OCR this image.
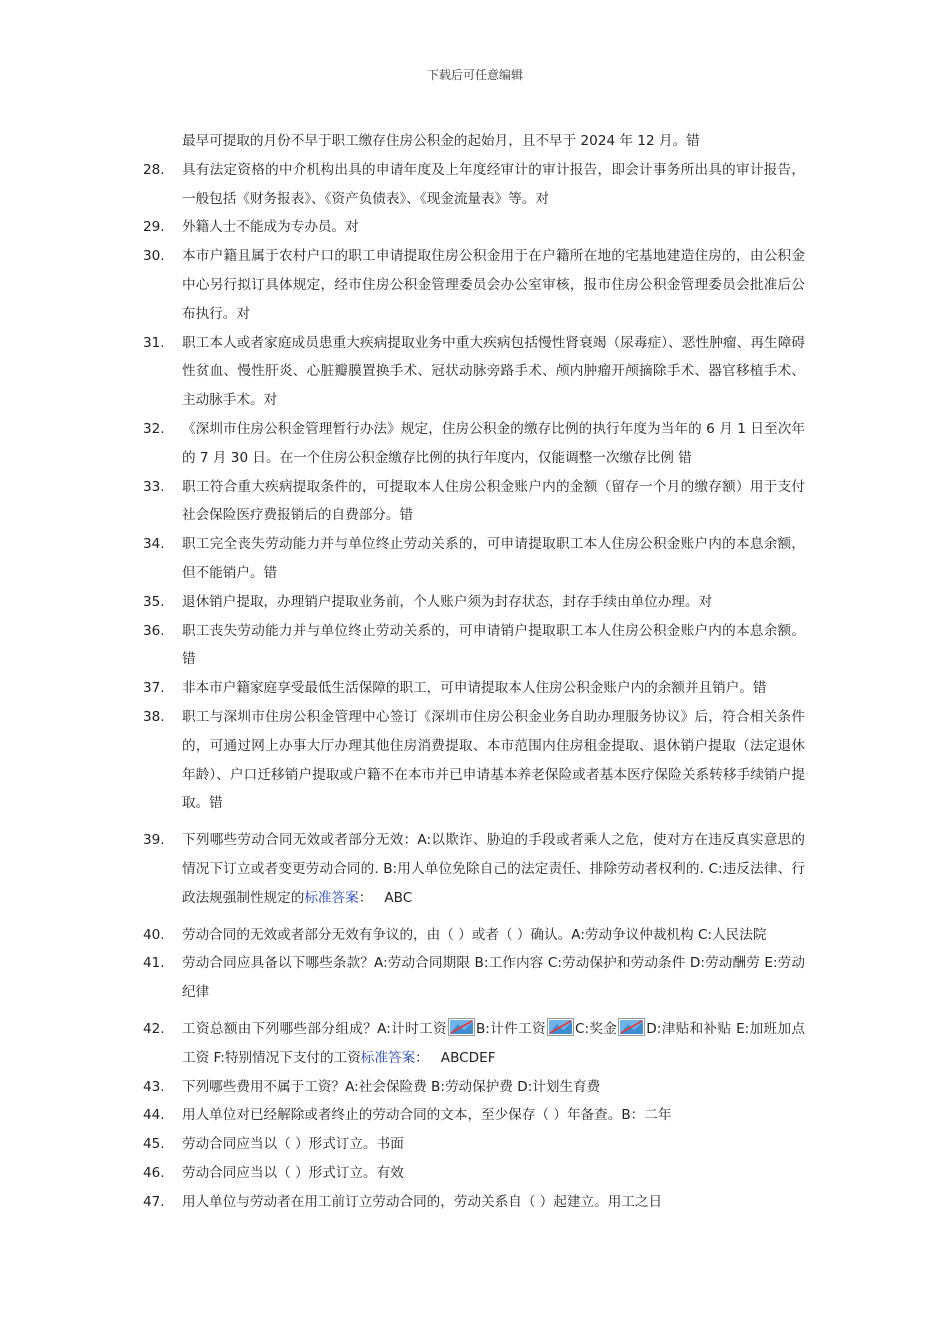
下载后可任意编辑
最早可提取的月份不早于职工缴存住房公积金的起始月，且不早于 2024 年 12 月。错
28.	具有法定资格的中介机构出具的申请年度及上年度经审计的审计报告，即会计事务所出具的审计报告，一般包括《财务报表》、《资产负债表》、《现金流量表》等。对
29.	外籍人士不能成为专办员。对
30.	本市户籍且属于农村户口的职工申请提取住房公积金用于在户籍所在地的宅基地建造住房的，由公积金中心另行拟订具体规定，经市住房公积金管理委员会办公室审核，报市住房公积金管理委员会批准后公布执行。对
31.	职工本人或者家庭成员患重大疾病提取业务中重大疾病包括慢性肾衰竭（尿毒症）、恶性肿瘤、再生障碍性贫血、慢性肝炎、心脏瓣膜置换手术、冠状动脉旁路手术、颅内肿瘤开颅摘除手术、器官移植手术、主动脉手术。对
32.	《深圳市住房公积金管理暂行办法》规定，住房公积金的缴存比例的执行年度为当年的 6 月 1 日至次年的 7 月 30 日。在一个住房公积金缴存比例的执行年度内，仅能调整一次缴存比例 错
33.	职工符合重大疾病提取条件的，可提取本人住房公积金账户内的金额（留存一个月的缴存额）用于支付社会保险医疗费报销后的自费部分。错
34.	职工完全丧失劳动能力并与单位终止劳动关系的，可申请提取职工本人住房公积金账户内的本息余额，但不能销户。错
35.	退休销户提取，办理销户提取业务前，个人账户须为封存状态，封存手续由单位办理。对
36.	职工丧失劳动能力并与单位终止劳动关系的，可申请销户提取职工本人住房公积金账户内的本息余额。错
37.	非本市户籍家庭享受最低生活保障的职工，可申请提取本人住房公积金账户内的余额并且销户。错
38.	职工与深圳市住房公积金管理中心签订《深圳市住房公积金业务自助办理服务协议》后，符合相关条件的，可通过网上办事大厅办理其他住房消费提取、本市范围内住房租金提取、退休销户提取（法定退休年龄）、户口迁移销户提取或户籍不在本市并已申请基本养老保险或者基本医疗保险关系转移手续销户提取。错
39.	下列哪些劳动合同无效或者部分无效：A:以欺诈、胁迫的手段或者乘人之危，使对方在违反真实意思的情况下订立或者变更劳动合同的. B:用人单位免除自己的法定责任、排除劳动者权利的. C:违反法律、行政法规强制性规定的标准答案： ABC
40.	劳动合同的无效或者部分无效有争议的，由（ ）或者（ ）确认。A:劳动争议仲裁机构 C:人民法院
41.	劳动合同应具备以下哪些条款？A:劳动合同期限 B:工作内容 C:劳动保护和劳动条件 D:劳动酬劳 E:劳动纪律
42.	工资总额由下列哪些部分组成？A:计时工资 B:计件工资 C:奖金 D:津贴和补贴 E:加班加点工资 F:特别情况下支付的工资标准答案： ABCDEF
43.	下列哪些费用不属于工资？A:社会保险费 B:劳动保护费 D:计划生育费
44.	用人单位对已经解除或者终止的劳动合同的文本，至少保存（ ）年备查。B：二年
45.	劳动合同应当以（ ）形式订立。书面
46.	劳动合同应当以（ ）形式订立。有效
47.	用人单位与劳动者在用工前订立劳动合同的，劳动关系自（ ）起建立。用工之日
